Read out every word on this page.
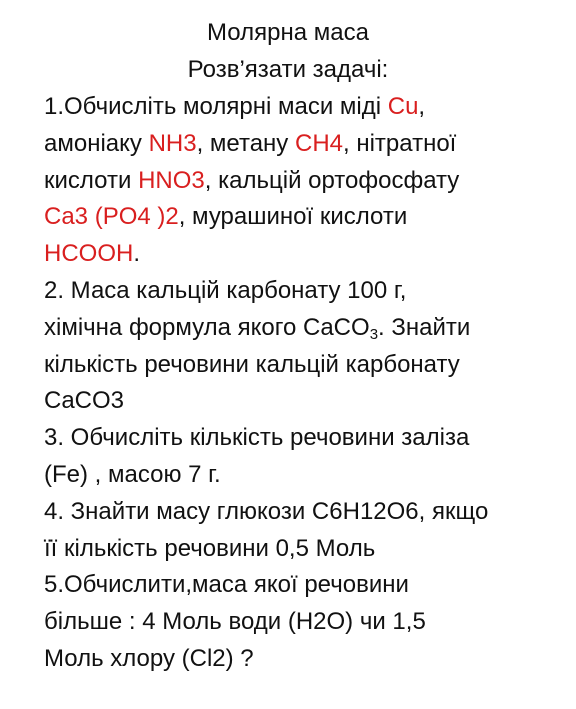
Молярна маса
Розв’язати задачі:
1.Обчисліть молярні маси міді Cu,
амоніаку NH3, метану CH4, нітратної
кислоти HNO3, кальцій ортофосфату
Ca3 (PO4 )2, мурашиної кислоти
HCOOH.
2. Маса кальцій карбонату 100 г,
хімічна формула якого CaCO$_3$. Знайти
кількість речовини кальцій карбонату
CaCO3
3. Обчисліть кількість речовини заліза
(Fe) , масою 7 г.
4. Знайти масу глюкози C6H12O6, якщо
її кількість речовини 0,5 Моль
5.Обчислити,маса якої речовини
більше : 4 Моль води (H2O) чи 1,5
Моль хлору (Cl2) ?
